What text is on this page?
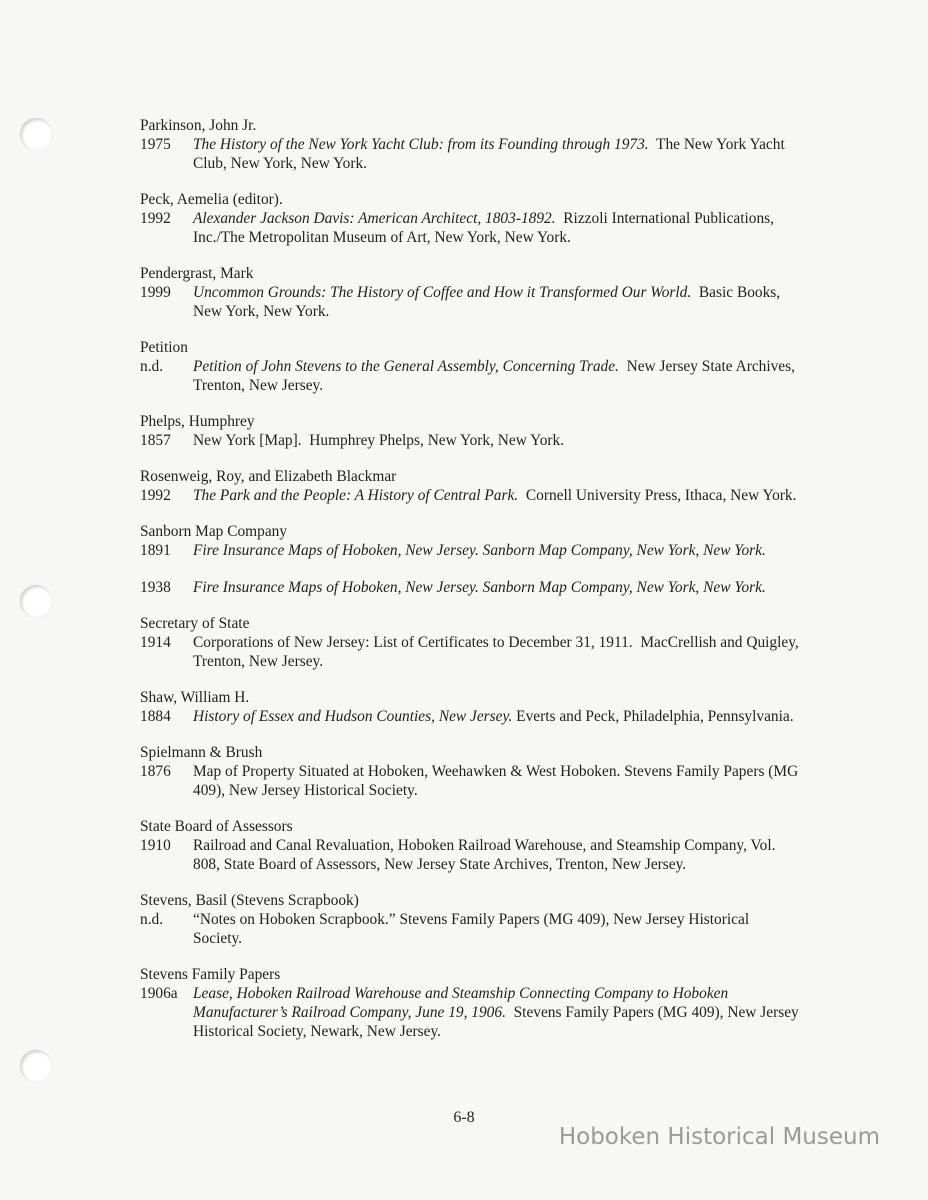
Parkinson, John Jr.
1975	The History of the New York Yacht Club: from its Founding through 1973.  The New York Yacht Club, New York, New York.
Peck, Aemelia (editor).
1992	Alexander Jackson Davis: American Architect, 1803-1892.  Rizzoli International Publications, Inc./The Metropolitan Museum of Art, New York, New York.
Pendergrast, Mark
1999	Uncommon Grounds: The History of Coffee and How it Transformed Our World.  Basic Books, New York, New York.
Petition
n.d.	Petition of John Stevens to the General Assembly, Concerning Trade.  New Jersey State Archives, Trenton, New Jersey.
Phelps, Humphrey
1857	New York [Map].  Humphrey Phelps, New York, New York.
Rosenweig, Roy, and Elizabeth Blackmar
1992	The Park and the People: A History of Central Park.  Cornell University Press, Ithaca, New York.
Sanborn Map Company
1891	Fire Insurance Maps of Hoboken, New Jersey. Sanborn Map Company, New York, New York.
1938	Fire Insurance Maps of Hoboken, New Jersey. Sanborn Map Company, New York, New York.
Secretary of State
1914	Corporations of New Jersey: List of Certificates to December 31, 1911.  MacCrellish and Quigley, Trenton, New Jersey.
Shaw, William H.
1884	History of Essex and Hudson Counties, New Jersey. Everts and Peck, Philadelphia, Pennsylvania.
Spielmann & Brush
1876	Map of Property Situated at Hoboken, Weehawken & West Hoboken. Stevens Family Papers (MG 409), New Jersey Historical Society.
State Board of Assessors
1910	Railroad and Canal Revaluation, Hoboken Railroad Warehouse, and Steamship Company, Vol. 808, State Board of Assessors, New Jersey State Archives, Trenton, New Jersey.
Stevens, Basil (Stevens Scrapbook)
n.d.	“Notes on Hoboken Scrapbook.” Stevens Family Papers (MG 409), New Jersey Historical Society.
Stevens Family Papers
1906a Lease, Hoboken Railroad Warehouse and Steamship Connecting Company to Hoboken Manufacturer’s Railroad Company, June 19, 1906.  Stevens Family Papers (MG 409), New Jersey Historical Society, Newark, New Jersey.
6-8
Hoboken Historical Museum
